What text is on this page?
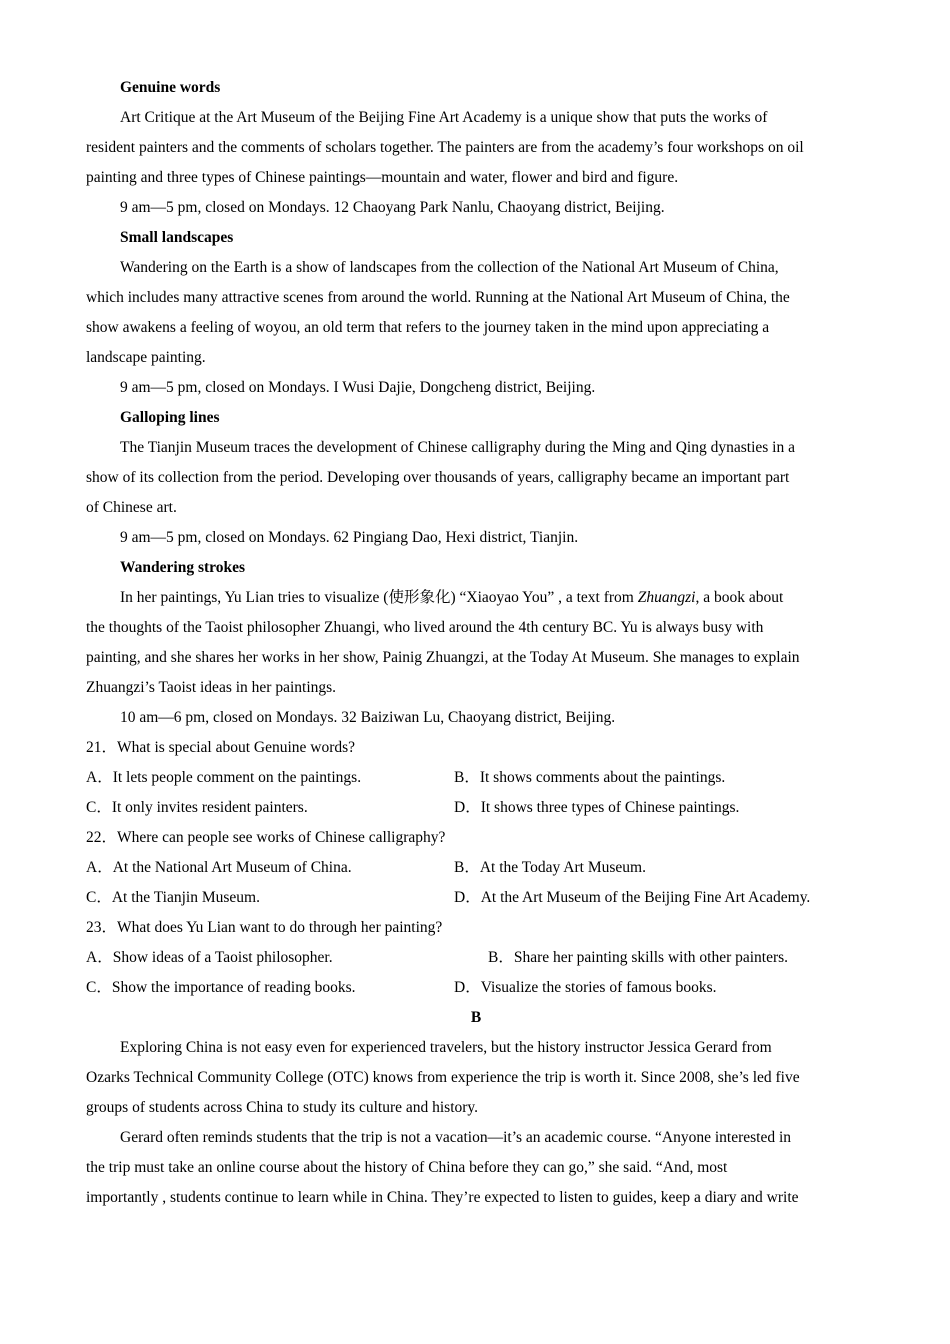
Genuine words
Art Critique at the Art Museum of the Beijing Fine Art Academy is a unique show that puts the works of
resident painters and the comments of scholars together. The painters are from the academy’s four workshops on oil
painting and three types of Chinese paintings—mountain and water, flower and bird and figure.
9 am—5 pm, closed on Mondays. 12 Chaoyang Park Nanlu, Chaoyang district, Beijing.
Small landscapes
Wandering on the Earth is a show of landscapes from the collection of the National Art Museum of China,
which includes many attractive scenes from around the world. Running at the National Art Museum of China, the
show awakens a feeling of woyou, an old term that refers to the journey taken in the mind upon appreciating a
landscape painting.
9 am—5 pm, closed on Mondays. I Wusi Dajie, Dongcheng district, Beijing.
Galloping lines
The Tianjin Museum traces the development of Chinese calligraphy during the Ming and Qing dynasties in a
show of its collection from the period. Developing over thousands of years, calligraphy became an important part
of Chinese art.
9 am—5 pm, closed on Mondays. 62 Pingiang Dao, Hexi district, Tianjin.
Wandering strokes
In her paintings, Yu Lian tries to visualize (使形象化) “Xiaoyao You” , a text from Zhuangzi, a book about
the thoughts of the Taoist philosopher Zhuangi, who lived around the 4th century BC. Yu is always busy with
painting, and she shares her works in her show, Painig Zhuangzi, at the Today At Museum. She manages to explain
Zhuangzi’s Taoist ideas in her paintings.
10 am—6 pm, closed on Mondays. 32 Baiziwan Lu, Chaoyang district, Beijing.
21．What is special about Genuine words?
A．It lets people comment on the paintings.	B．It shows comments about the paintings.
C．It only invites resident painters.	D．It shows three types of Chinese paintings.
22．Where can people see works of Chinese calligraphy?
A．At the National Art Museum of China.	B．At the Today Art Museum.
C．At the Tianjin Museum.	D．At the Art Museum of the Beijing Fine Art Academy.
23．What does Yu Lian want to do through her painting?
A．Show ideas of a Taoist philosopher.	B．Share her painting skills with other painters.
C．Show the importance of reading books.	D．Visualize the stories of famous books.
B
Exploring China is not easy even for experienced travelers, but the history instructor Jessica Gerard from
Ozarks Technical Community College (OTC) knows from experience the trip is worth it. Since 2008, she’s led five
groups of students across China to study its culture and history.
Gerard often reminds students that the trip is not a vacation—it’s an academic course. “Anyone interested in
the trip must take an online course about the history of China before they can go,” she said. “And, most
importantly , students continue to learn while in China. They’re expected to listen to guides, keep a diary and write
